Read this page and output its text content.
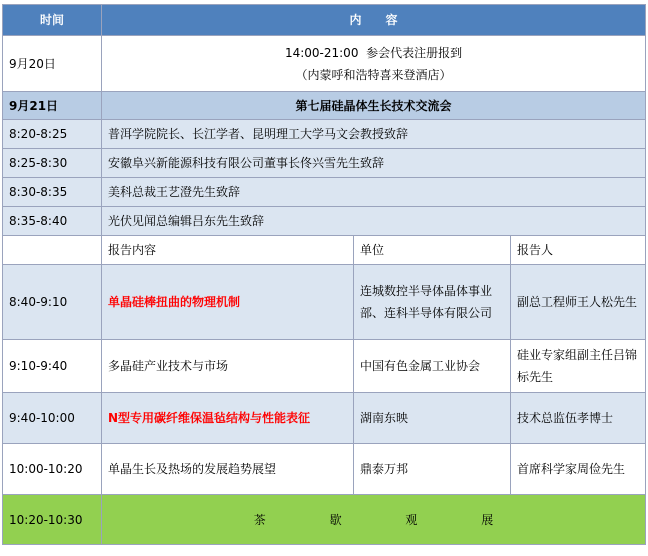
时间	内　　容		
9月20日	14:00-21:00  参会代表注册报到
（内蒙呼和浩特喜来登酒店）		

9月21日	第七届硅晶体生长技术交流会		
8:20-8:25	普洱学院院长、长江学者、昆明理工大学马文会教授致辞		
8:25-8:30	安徽阜兴新能源科技有限公司董事长佟兴雪先生致辞		
8:30-8:35	美科总裁王艺澄先生致辞		
8:35-8:40	光伏见闻总编辑吕东先生致辞		
	报告内容	单位	报告人
8:40-9:10	单晶硅棒扭曲的物理机制	连城数控半导体晶体事业部、连科半导体有限公司	副总工程师王人松先生
9:10-9:40	多晶硅产业技术与市场	中国有色金属工业协会	硅业专家组副主任吕锦标先生
9:40-10:00	N型专用碳纤维保温毡结构与性能表征	湖南东映	技术总监伍孝博士
10:00-10:20	单晶生长及热场的发展趋势展望	鼎泰万邦	首席科学家周俭先生
10:20-10:30	茶 歇 观 展		
